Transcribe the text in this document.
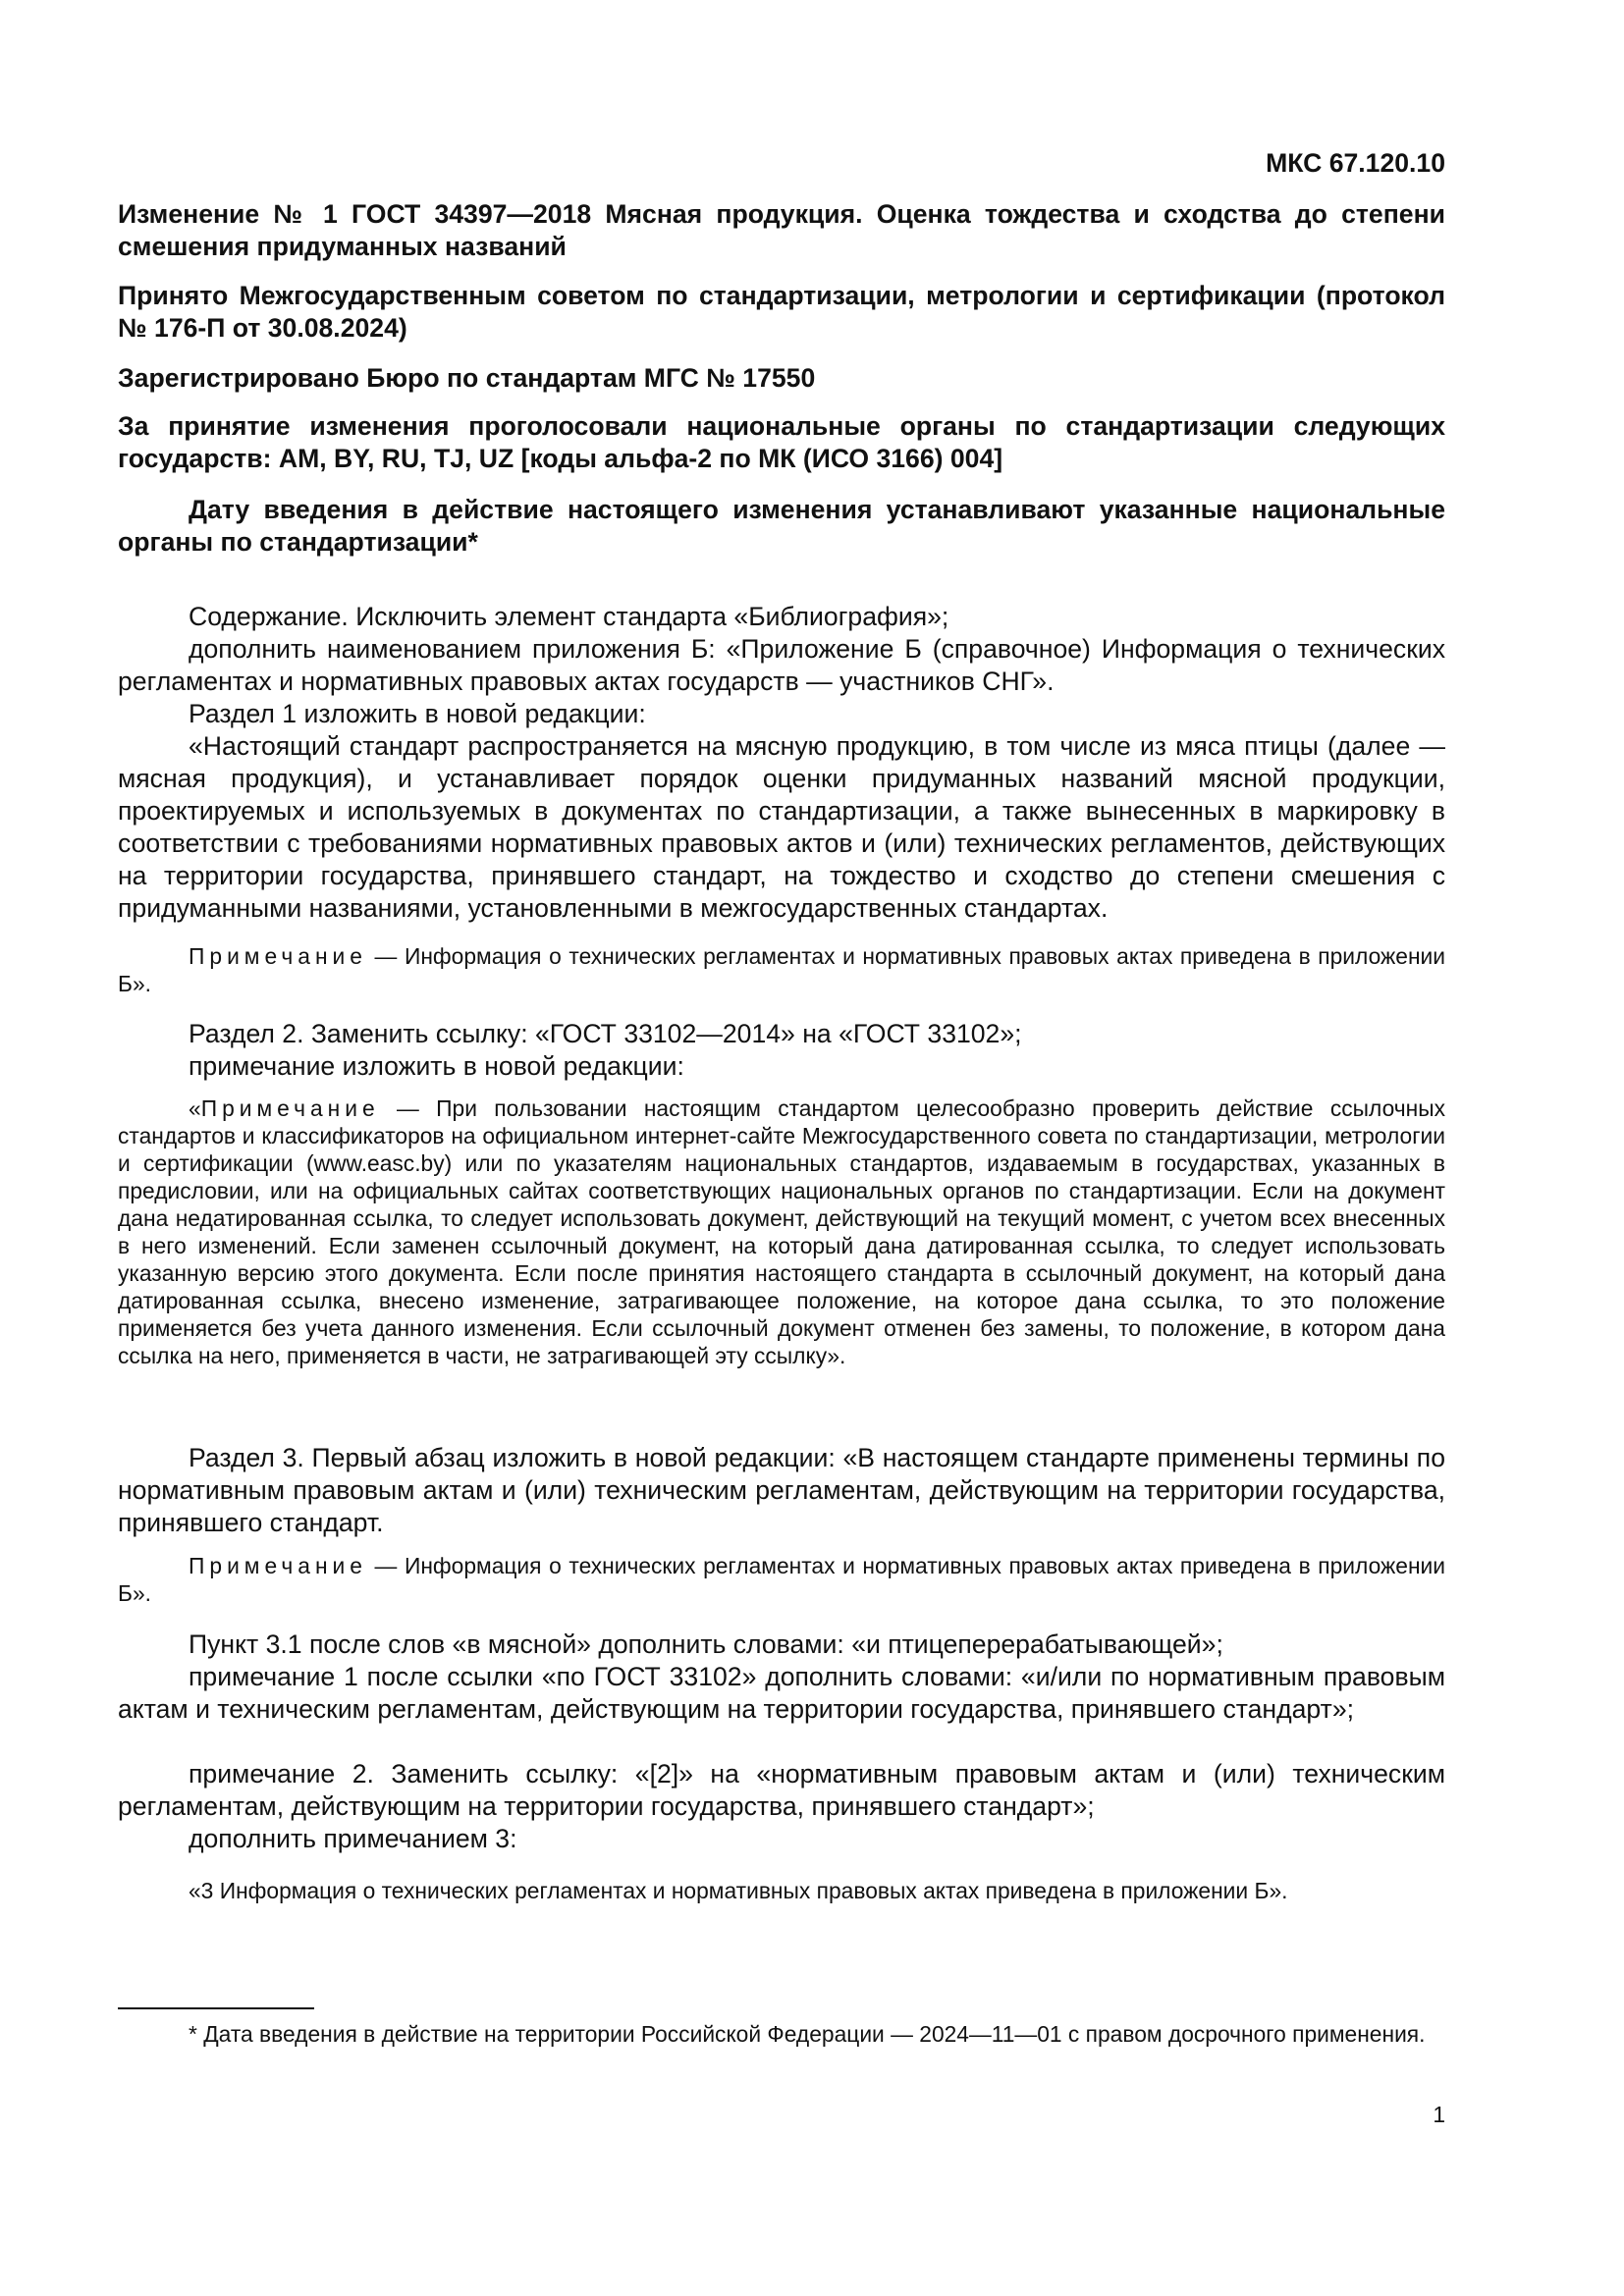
МКС 67.120.10
Изменение № 1 ГОСТ 34397—2018 Мясная продукция. Оценка тождества и сходства до степени смешения придуманных названий
Принято Межгосударственным советом по стандартизации, метрологии и сертификации (протокол № 176-П от 30.08.2024)
Зарегистрировано Бюро по стандартам МГС № 17550
За принятие изменения проголосовали национальные органы по стандартизации следующих государств: AM, BY, RU, TJ, UZ [коды альфа-2 по МК (ИСО 3166) 004]
Дату введения в действие настоящего изменения устанавливают указанные национальные органы по стандартизации*
Содержание. Исключить элемент стандарта «Библиография»;
дополнить наименованием приложения Б: «Приложение Б (справочное) Информация о технических регламентах и нормативных правовых актах государств — участников СНГ».
Раздел 1 изложить в новой редакции:
«Настоящий стандарт распространяется на мясную продукцию, в том числе из мяса птицы (далее — мясная продукция), и устанавливает порядок оценки придуманных названий мясной продукции, проектируемых и используемых в документах по стандартизации, а также вынесенных в маркировку в соответствии с требованиями нормативных правовых актов и (или) технических регламентов, действующих на территории государства, принявшего стандарт, на тождество и сходство до степени смешения с придуманными названиями, установленными в межгосударственных стандартах.
Примечание — Информация о технических регламентах и нормативных правовых актах приведена в приложении Б».
Раздел 2. Заменить ссылку: «ГОСТ 33102—2014» на «ГОСТ 33102»;
примечание изложить в новой редакции:
«Примечание — При пользовании настоящим стандартом целесообразно проверить действие ссылочных стандартов и классификаторов на официальном интернет-сайте Межгосударственного совета по стандартизации, метрологии и сертификации (www.easc.by) или по указателям национальных стандартов, издаваемым в государствах, указанных в предисловии, или на официальных сайтах соответствующих национальных органов по стандартизации. Если на документ дана недатированная ссылка, то следует использовать документ, действующий на текущий момент, с учетом всех внесенных в него изменений. Если заменен ссылочный документ, на который дана датированная ссылка, то следует использовать указанную версию этого документа. Если после принятия настоящего стандарта в ссылочный документ, на который дана датированная ссылка, внесено изменение, затрагивающее положение, на которое дана ссылка, то это положение применяется без учета данного изменения. Если ссылочный документ отменен без замены, то положение, в котором дана ссылка на него, применяется в части, не затрагивающей эту ссылку».
Раздел 3. Первый абзац изложить в новой редакции: «В настоящем стандарте применены термины по нормативным правовым актам и (или) техническим регламентам, действующим на территории государства, принявшего стандарт.
Примечание — Информация о технических регламентах и нормативных правовых актах приведена в приложении Б».
Пункт 3.1 после слов «в мясной» дополнить словами: «и птицеперерабатывающей»;
примечание 1 после ссылки «по ГОСТ 33102» дополнить словами: «и/или по нормативным правовым актам и техническим регламентам, действующим на территории государства, принявшего стандарт»;
примечание 2. Заменить ссылку: «[2]» на «нормативным правовым актам и (или) техническим регламентам, действующим на территории государства, принявшего стандарт»;
дополнить примечанием 3:
«3 Информация о технических регламентах и нормативных правовых актах приведена в приложении Б».
* Дата введения в действие на территории Российской Федерации — 2024—11—01 с правом досрочного применения.
1
